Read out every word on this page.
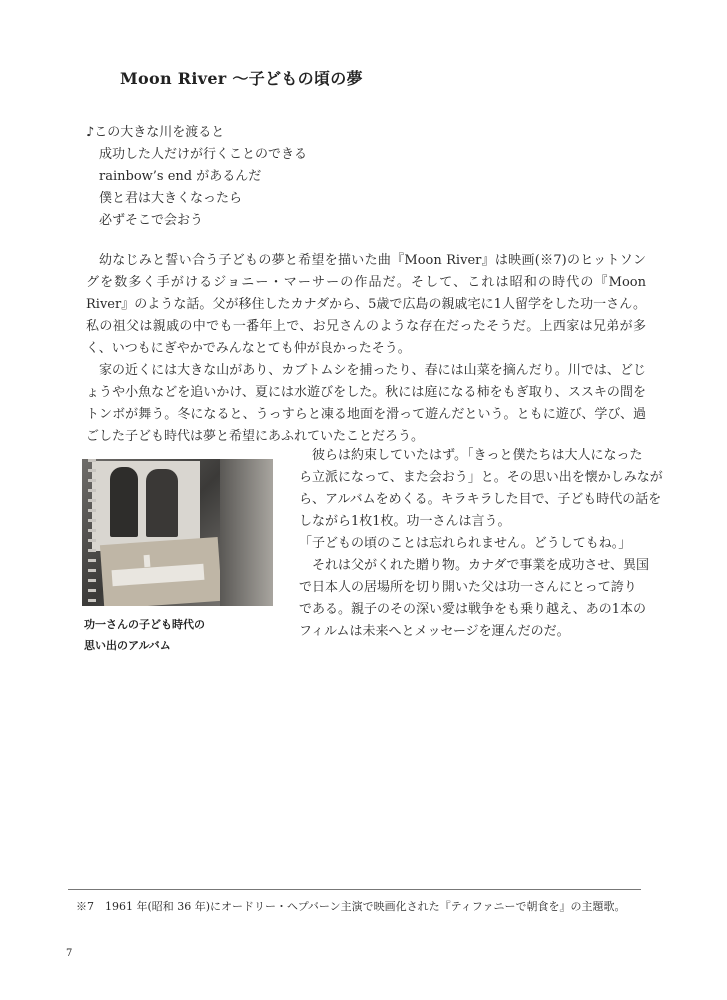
Moon River ～子どもの頃の夢
♪この大きな川を渡ると
成功した人だけが行くことのできる
rainbow’s end があるんだ
僕と君は大きくなったら
必ずそこで会おう
幼なじみと誓い合う子どもの夢と希望を描いた曲『Moon River』は映画(※7)のヒットソングを数多く手がけるジョニー・マーサーの作品だ。そして、これは昭和の時代の『Moon River』のような話。父が移住したカナダから、5歳で広島の親戚宅に1人留学をした功一さん。私の祖父は親戚の中でも一番年上で、お兄さんのような存在だったそうだ。上西家は兄弟が多く、いつもにぎやかでみんなとても仲が良かったそう。
家の近くには大きな山があり、カブトムシを捕ったり、春には山菜を摘んだり。川では、どじょうや小魚などを追いかけ、夏には水遊びをした。秋には庭になる柿をもぎ取り、ススキの間をトンボが舞う。冬になると、うっすらと凍る地面を滑って遊んだという。ともに遊び、学び、過ごした子ども時代は夢と希望にあふれていたことだろう。
功一さんの子ども時代の
思い出のアルバム
彼らは約束していたはず。「きっと僕たちは大人になった
ら立派になって、また会おう」と。その思い出を懐かしみなが
ら、アルバムをめくる。キラキラした目で、子ども時代の話を
しながら1枚1枚。功一さんは言う。
「子どもの頃のことは忘れられません。どうしてもね。」
それは父がくれた贈り物。カナダで事業を成功させ、異国
で日本人の居場所を切り開いた父は功一さんにとって誇り
である。親子のその深い愛は戦争をも乗り越え、あの1本の
フィルムは未来へとメッセージを運んだのだ。
※7　1961 年(昭和 36 年)にオードリー・ヘプバーン主演で映画化された『ティファニーで朝食を』の主題歌。
7
